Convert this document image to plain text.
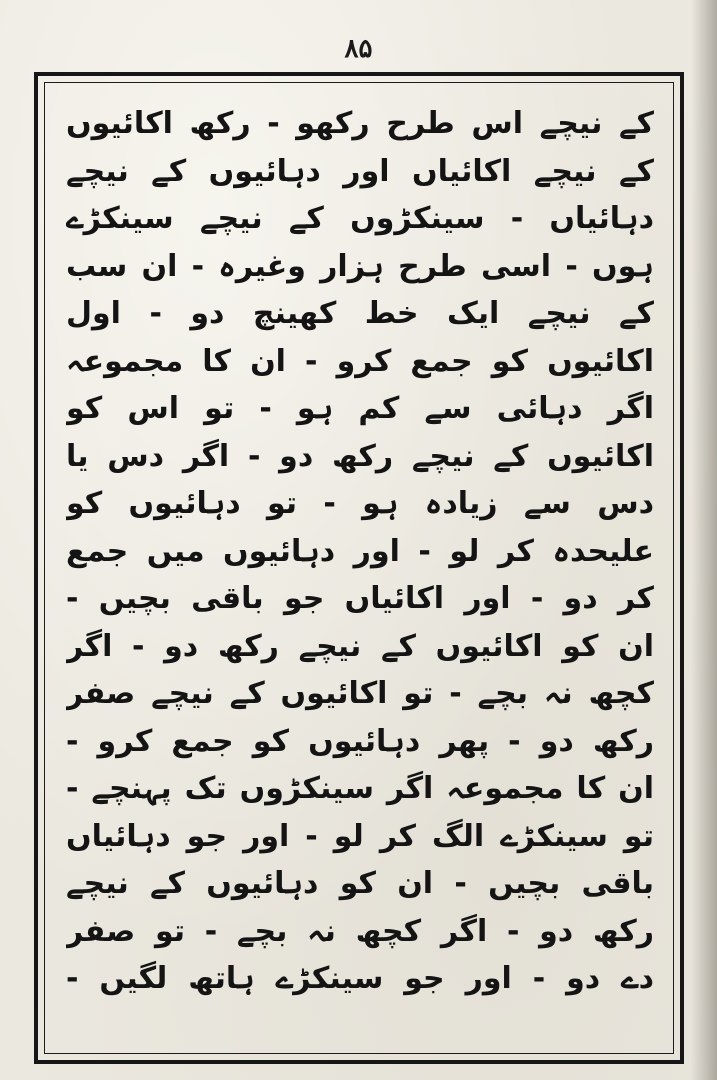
۸۵
کے نیچے اس طرح رکھو - رکھ اکائیوں
کے نیچے اکائیاں اور دہائیوں کے نیچے
دہائیاں - سینکڑوں کے نیچے سینکڑے
ہوں - اسی طرح ہزار وغیرہ - ان سب
کے نیچے ایک خط کھینچ دو - اول
اکائیوں کو جمع کرو - ان کا مجموعہ
اگر دہائی سے کم ہو - تو اس کو
اکائیوں کے نیچے رکھ دو - اگر دس یا
دس سے زیادہ ہو - تو دہائیوں کو
علیحدہ کر لو - اور دہائیوں میں جمع
کر دو - اور اکائیاں جو باقی بچیں -
ان کو اکائیوں کے نیچے رکھ دو - اگر
کچھ نہ بچے - تو اکائیوں کے نیچے صفر
رکھ دو - پھر دہائیوں کو جمع کرو -
ان کا مجموعہ اگر سینکڑوں تک پہنچے -
تو سینکڑے الگ کر لو - اور جو دہائیاں
باقی بچیں - ان کو دہائیوں کے نیچے
رکھ دو - اگر کچھ نہ بچے - تو صفر
دے دو - اور جو سینکڑے ہاتھ لگیں -
